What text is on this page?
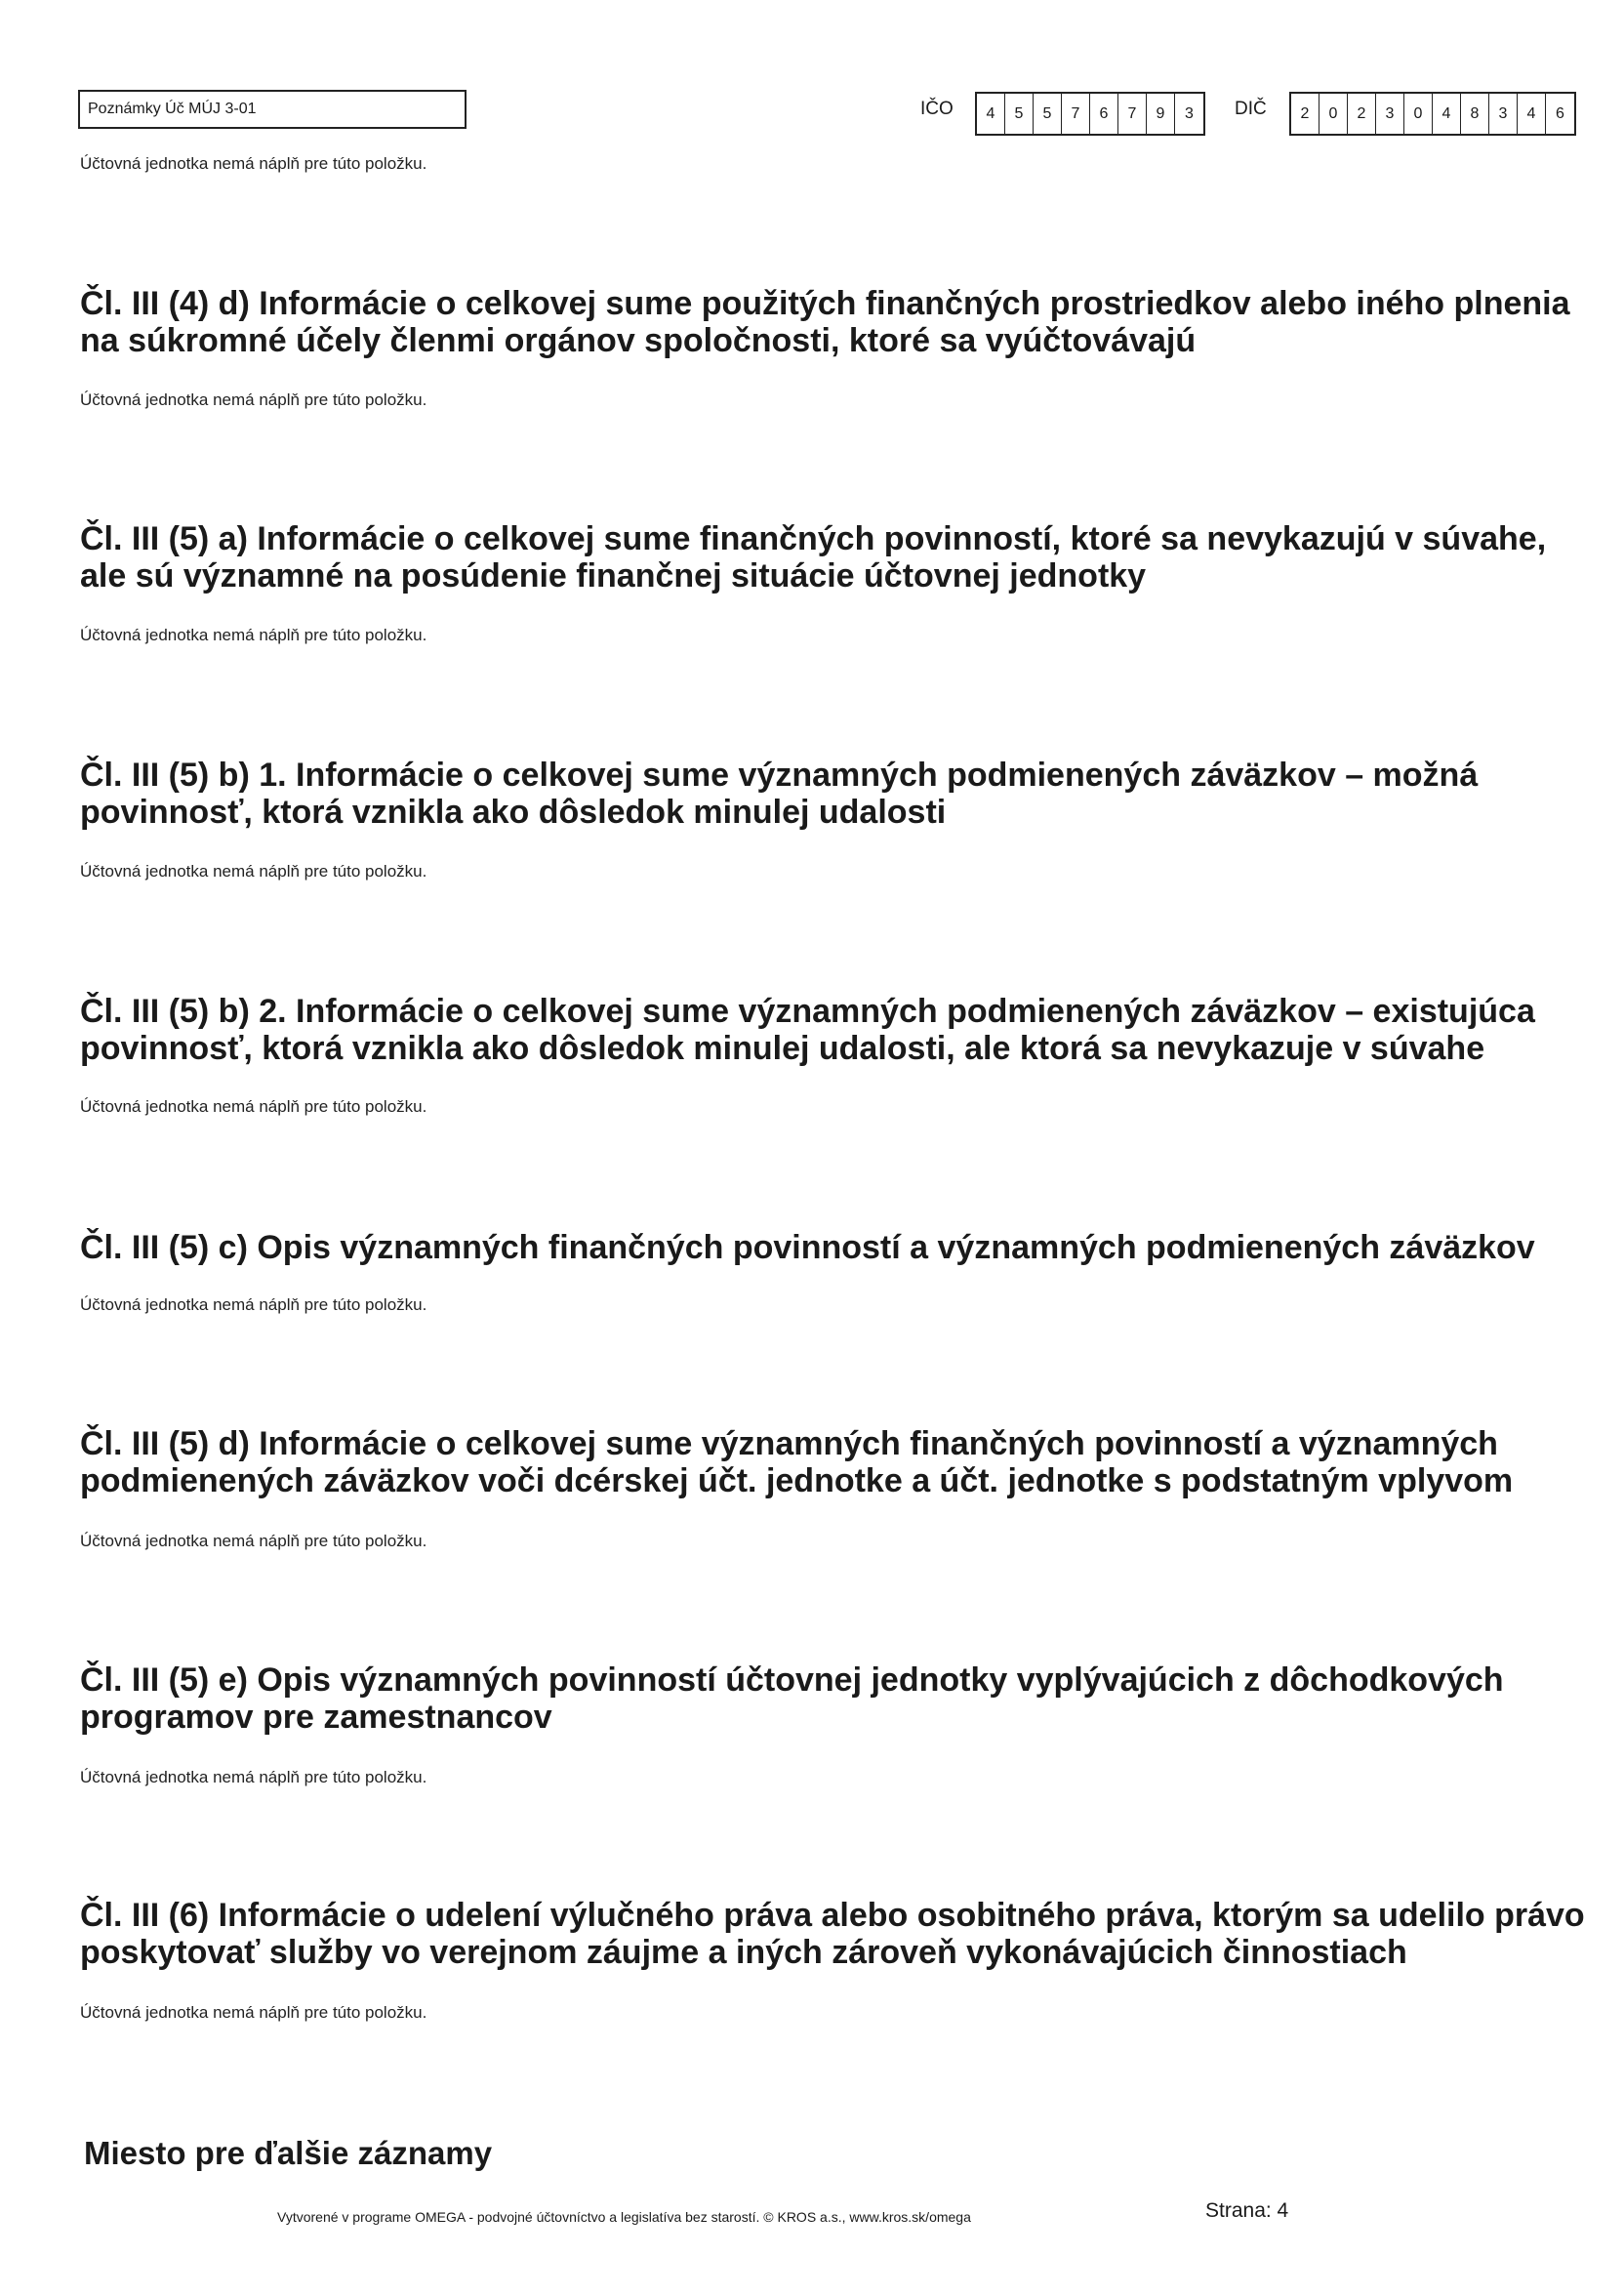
Poznámky Úč MÚJ 3-01	IČO	4	5	5	7	6	7	9	3	DIČ	2	0	2	3	0	4	8	3	4	6
Účtovná jednotka nemá náplň pre túto položku.
Čl. III (4) d) Informácie o celkovej sume použitých finančných prostriedkov alebo iného plnenia
na súkromné účely členmi orgánov spoločnosti, ktoré sa vyúčtovávajú
Účtovná jednotka nemá náplň pre túto položku.
Čl. III (5) a) Informácie o celkovej sume finančných povinností, ktoré sa nevykazujú v súvahe,
ale sú významné na posúdenie finančnej situácie účtovnej jednotky
Účtovná jednotka nemá náplň pre túto položku.
Čl. III (5) b) 1. Informácie o celkovej sume významných podmienených záväzkov – možná
povinnosť, ktorá vznikla ako dôsledok minulej udalosti
Účtovná jednotka nemá náplň pre túto položku.
Čl. III (5) b) 2. Informácie o celkovej sume významných podmienených záväzkov – existujúca
povinnosť, ktorá vznikla ako dôsledok minulej udalosti, ale ktorá sa nevykazuje v súvahe
Účtovná jednotka nemá náplň pre túto položku.
Čl. III (5) c) Opis významných finančných povinností a významných podmienených záväzkov
Účtovná jednotka nemá náplň pre túto položku.
Čl. III (5) d) Informácie o celkovej sume významných finančných povinností a významných
podmienených záväzkov voči dcérskej účt. jednotke a účt. jednotke s podstatným vplyvom
Účtovná jednotka nemá náplň pre túto položku.
Čl. III (5) e) Opis významných povinností účtovnej jednotky vyplývajúcich z dôchodkových
programov pre zamestnancov
Účtovná jednotka nemá náplň pre túto položku.
Čl. III (6) Informácie o udelení výlučného práva alebo osobitného práva, ktorým sa udelilo právo
poskytovať služby vo verejnom záujme a iných zároveň vykonávajúcich činnostiach
Účtovná jednotka nemá náplň pre túto položku.
Miesto pre ďalšie záznamy
Vytvorené v programe OMEGA - podvojné účtovníctvo a legislatíva bez starostí. © KROS a.s., www.kros.sk/omega	Strana: 4
